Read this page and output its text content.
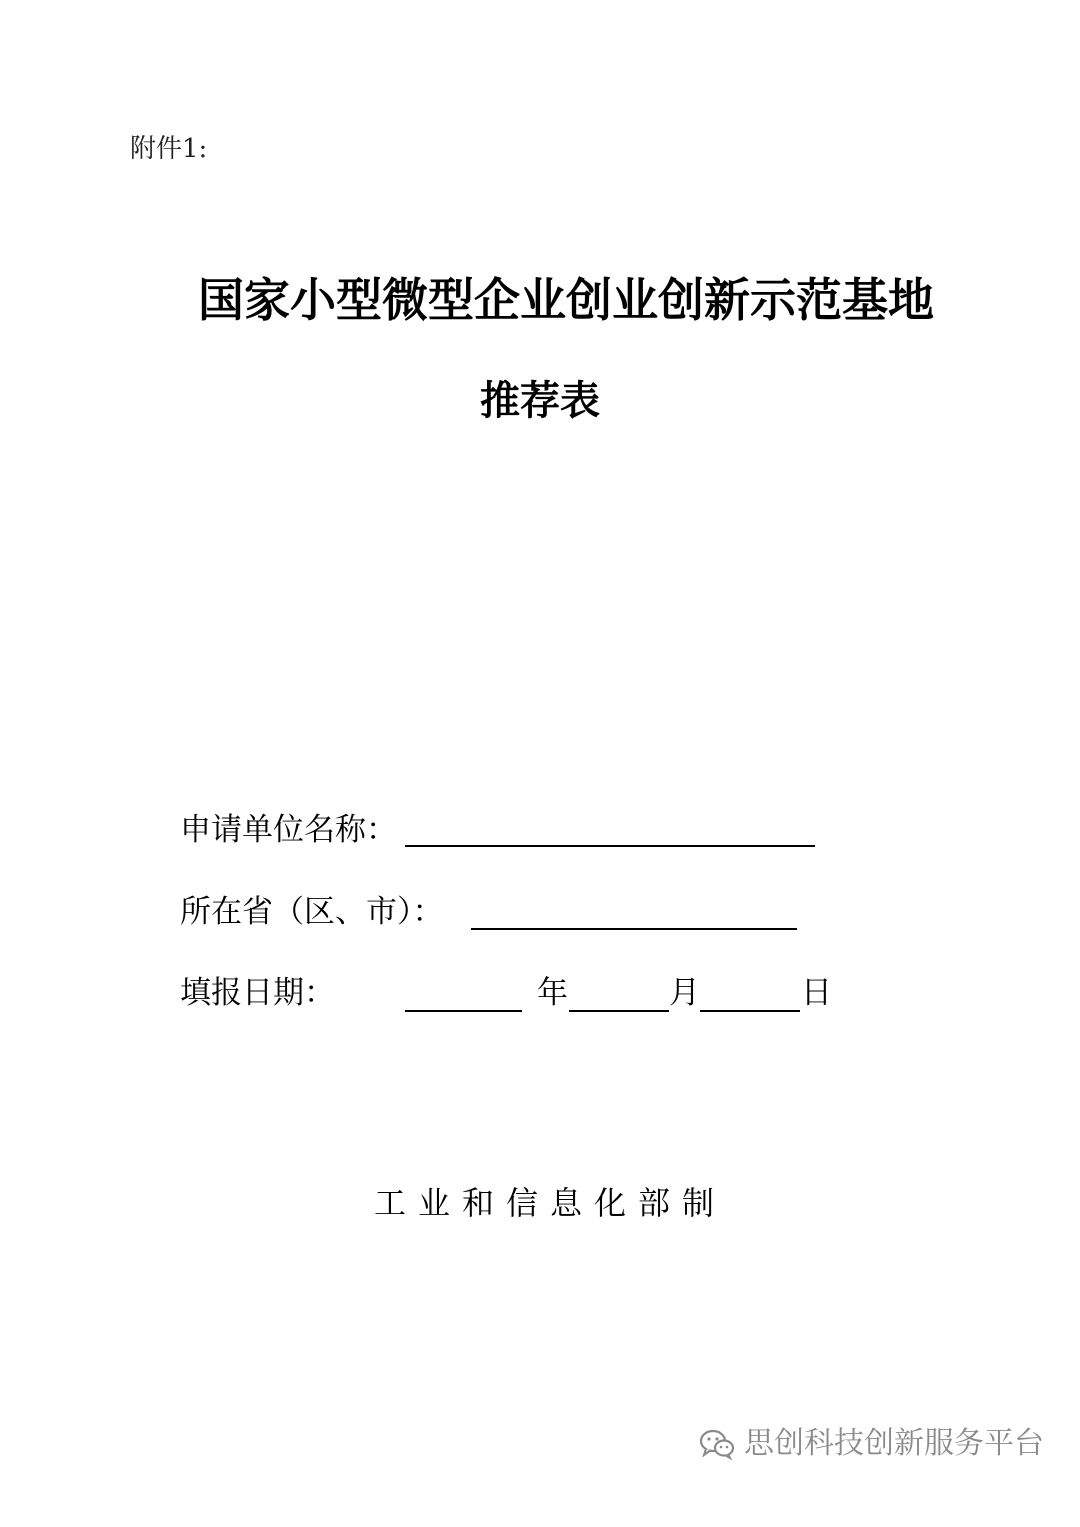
附件1:
国家小型微型企业创业创新示范基地
推荐表
申请单位名称：
所在省（区、市）：
填报日期：	年	月	日
工业和信息化部制
思创科技创新服务平台
